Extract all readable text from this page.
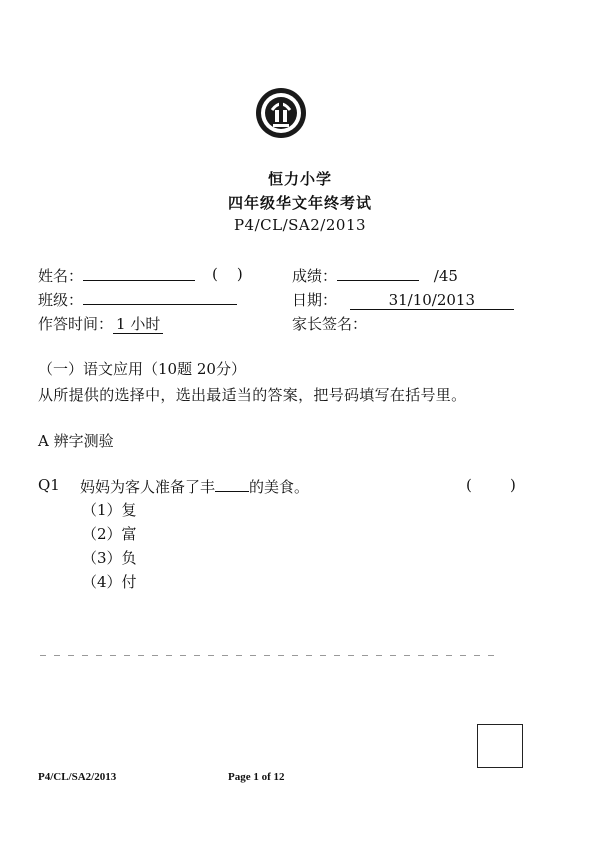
恒力小学
四年级华文年终考试
P4/CL/SA2/2013
姓名：	(    )	成绩：	/45
班级：	日期：	31/10/2013
作答时间： 1 小时	家长签名：
（一）语文应用（10题 20分）
从所提供的选择中，选出最适当的答案，把号码填写在括号里。
A 辨字测验
Q1 妈妈为客人准备了丰 的美食。	(        )
（1）复
（2）富
（3）负
（4）付
P4/CL/SA2/2013	Page 1 of 12
